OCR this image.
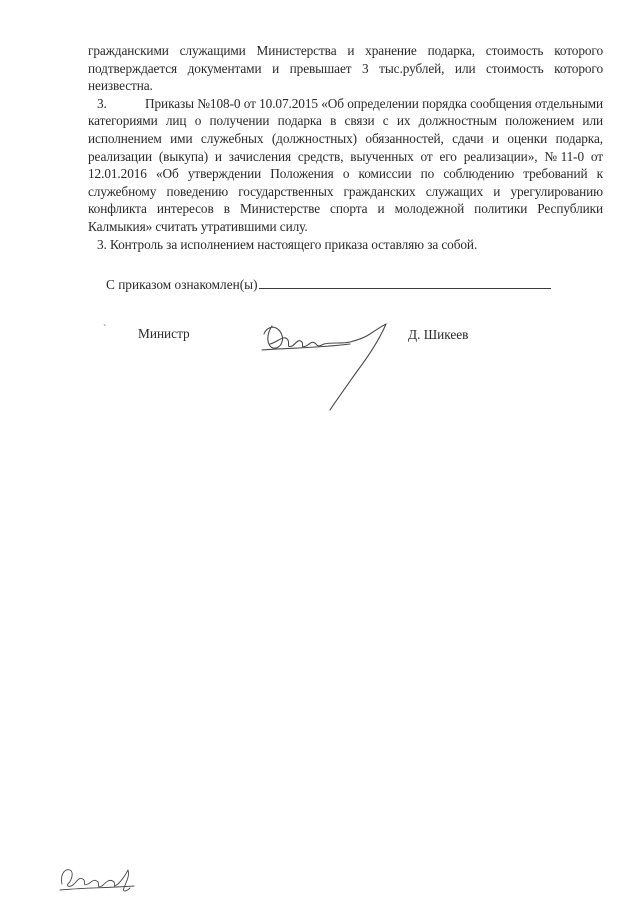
гражданскими служащими Министерства и хранение подарка, стоимость которого подтверждается документами и превышает 3 тыс.рублей, или стоимость которого неизвестна.

3.	Приказы №108-0 от 10.07.2015 «Об определении порядка сообщения отдельными категориями лиц о получении подарка в связи с их должностным положением или исполнением ими служебных (должностных) обязанностей, сдачи и оценки подарка, реализации (выкупа) и зачисления средств, выученных от его реализации», №11-0 от 12.01.2016 «Об утверждении Положения о комиссии по соблюдению требований к служебному поведению государственных гражданских служащих и урегулированию конфликта интересов в Министерстве спорта и молодежной политики Республики Калмыкия» считать утратившими силу.

3. Контроль за исполнением настоящего приказа оставляю за собой.

С приказом ознакомлен(ы)
` Министр	Д. Шикеев
